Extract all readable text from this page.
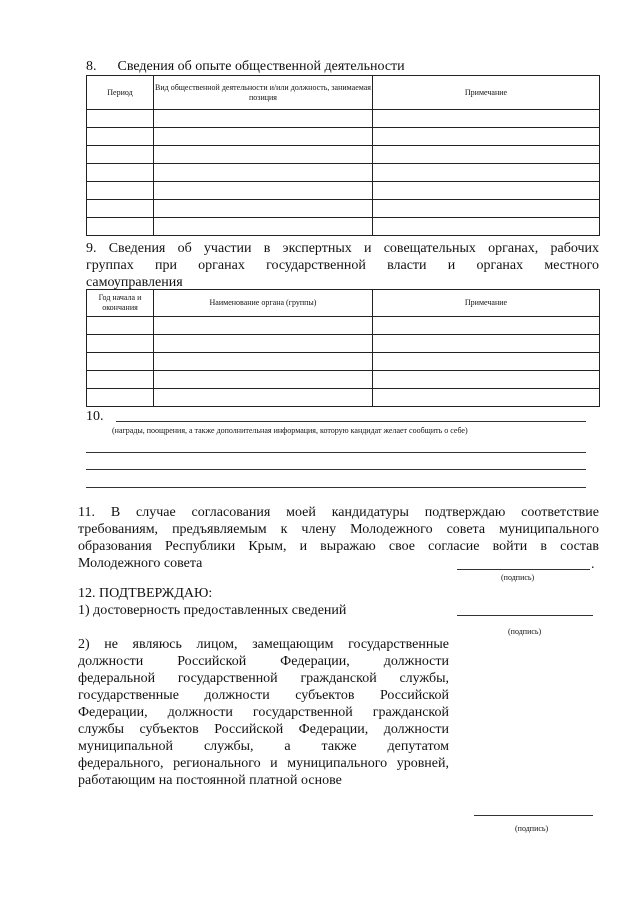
8. Сведения об опыте общественной деятельности
Период	Вид общественной деятельности и/или должность, занимаемая позиция	Примечание

9. Сведения об участии в экспертных и совещательных органах, рабочих
группах при органах государственной власти и органах местного
самоуправления
Год начала и окончания	Наименование органа (группы)	Примечание

10.
(награды, поощрения, а также дополнительная информация, которую кандидат желает сообщить о себе)
11. В случае согласования моей кандидатуры подтверждаю соответствие
требованиям, предъявляемым к члену Молодежного совета муниципального
образования Республики Крым, и выражаю свое согласие войти в состав
Молодежного совета	.
(подпись)
12. ПОДТВЕРЖДАЮ:
1) достоверность предоставленных сведений
(подпись)
2) не являюсь лицом, замещающим государственные
должности Российской Федерации, должности
федеральной государственной гражданской службы,
государственные должности субъектов Российской
Федерации, должности государственной гражданской
службы субъектов Российской Федерации, должности
муниципальной службы, а также депутатом
федерального, регионального и муниципального уровней,
работающим на постоянной платной основе
(подпись)
